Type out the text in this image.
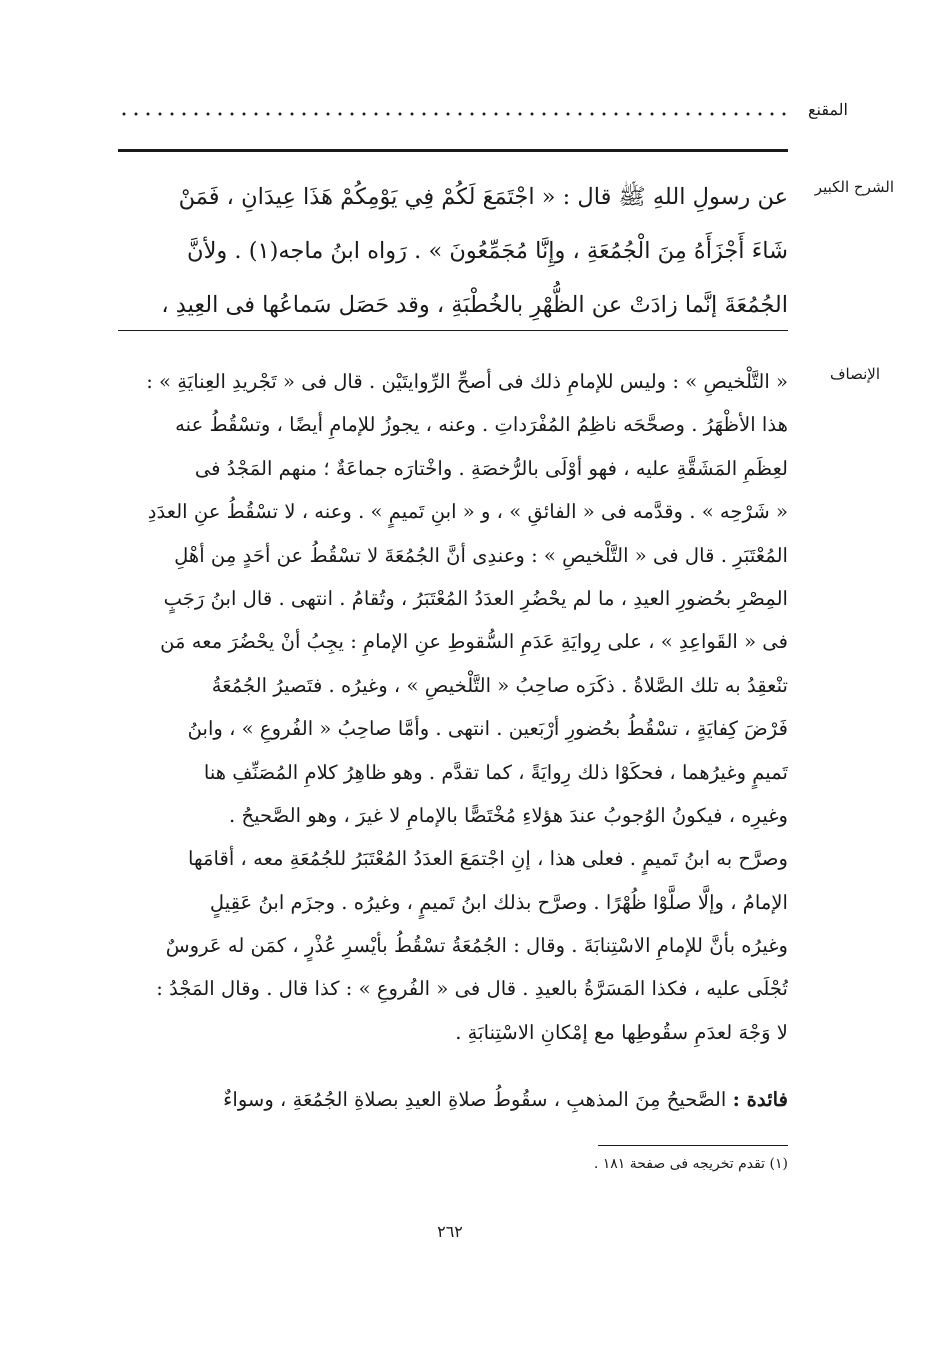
المقنع
الشرح الكبير
عن رسولِ اللهِ ﷺ قال : « اجْتَمَعَ لَكُمْ فِي يَوْمِكُمْ هَذَا عِيدَانِ ، فَمَنْ
شَاءَ أَجْزَأَهُ مِنَ الْجُمُعَةِ ، وإِنَّا مُجَمِّعُونَ » . رَواه ابنُ ماجه(١) . ولأنَّ
الجُمُعَةَ إنَّما زادَتْ عن الظُّهْرِ بالخُطْبَةِ ، وقد حَصَل سَماعُها فى العِيدِ ،
الإنصاف
« التَّلْخيصِ » : وليس للإمامِ ذلك فى أصحِّ الرِّوايتَيْن . قال فى « تَجْريدِ العِنايَةِ » :
هذا الأظْهَرُ . وصحَّحَه ناظِمُ المُفْرَداتِ . وعنه ، يجوزُ للإمامِ أيضًا ، وتسْقُطُ عنه
لعِظَمِ المَشَقَّةِ عليه ، فهو أوْلَى بالرُّخصَةِ . واخْتارَه جماعَةٌ ؛ منهم المَجْدُ فى
« شَرْحِه » . وقدَّمه فى « الفائقِ » ، و « ابنِ تَميمٍ » . وعنه ، لا تسْقُطُ عنِ العدَدِ
المُعْتَبَرِ . قال فى « التَّلْخيصِ » : وعندِى أنَّ الجُمُعَةَ لا تسْقُطُ عن أحَدٍ مِن أهْلِ
المِصْرِ بحُضورِ العيدِ ، ما لم يحْضُرِ العدَدُ المُعْتَبَرُ ، وتُقامُ . انتهى . قال ابنُ رَجَبٍ
فى « القَواعِدِ » ، على رِوايَةِ عَدَمِ السُّقوطِ عنِ الإمامِ : يجِبُ أنْ يحْضُرَ معه مَن
تنْعقِدُ به تلك الصَّلاةُ . ذكَرَه صاحِبُ « التَّلْخيصِ » ، وغيرُه . فتَصيرُ الجُمُعَةُ
فَرْضَ كِفايَةٍ ، تسْقُطُ بحُضورِ أرْبَعين . انتهى . وأمَّا صاحِبُ « الفُروعِ » ، وابنُ
تَميمٍ وغيرُهما ، فحكَوْا ذلك رِوايَةً ، كما تقدَّم . وهو ظاهِرُ كلامِ المُصَنِّفِ هنا
وغيرِه ، فيكونُ الوُجوبُ عندَ هؤلاءِ مُخْتَصًّا بالإمامِ لا غيرَ ، وهو الصَّحيحُ .
وصرَّح به ابنُ تَميمٍ . فعلى هذا ، إنِ اجْتمَعَ العدَدُ المُعْتَبَرُ للجُمُعَةِ معه ، أقامَها
الإمامُ ، وإلَّا صلَّوْا ظُهْرًا . وصرَّح بذلك ابنُ تَميمٍ ، وغيرُه . وجزَم ابنُ عَقِيلٍ
وغيرُه بأنَّ للإمامِ الاسْتِنابَةَ . وقال : الجُمُعَةُ تسْقُطُ بأيْسرِ عُذْرٍ ، كمَن له عَروسٌ
تُجْلَى عليه ، فكذا المَسَرَّةُ بالعيدِ . قال فى « الفُروعِ » : كذا قال . وقال المَجْدُ :
لا وَجْهَ لعدَمِ سقُوطِها مع إمْكانِ الاسْتِنابَةِ .
فائدة : الصَّحيحُ مِنَ المذهبِ ، سقُوطُ صلاةِ العيدِ بصلاةِ الجُمُعَةِ ، وسواءٌ
(١) تقدم تخريجه فى صفحة ١٨١ .
٢٦٢
